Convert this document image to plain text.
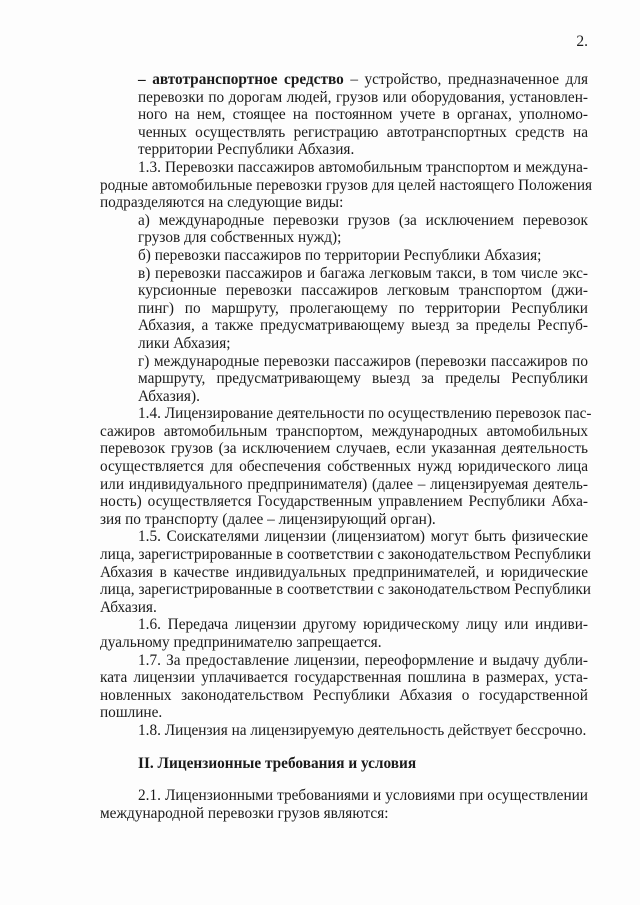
2.
– автотранспортное средство – устройство, предназначенное для
перевозки по дорогам людей, грузов или оборудования, установлен-
ного на нем, стоящее на постоянном учете в органах, уполномо-
ченных осуществлять регистрацию автотранспортных средств на
территории Республики Абхазия.
1.3. Перевозки пассажиров автомобильным транспортом и междуна-
родные автомобильные перевозки грузов для целей настоящего Положения
подразделяются на следующие виды:
а) международные перевозки грузов (за исключением перевозок
грузов для собственных нужд);
б) перевозки пассажиров по территории Республики Абхазия;
в) перевозки пассажиров и багажа легковым такси, в том числе экс-
курсионные перевозки пассажиров легковым транспортом (джи-
пинг) по маршруту, пролегающему по территории Республики
Абхазия, а также предусматривающему выезд за пределы Респуб-
лики Абхазия;
г) международные перевозки пассажиров (перевозки пассажиров по
маршруту, предусматривающему выезд за пределы Республики
Абхазия).
1.4. Лицензирование деятельности по осуществлению перевозок пас-
сажиров автомобильным транспортом, международных автомобильных
перевозок грузов (за исключением случаев, если указанная деятельность
осуществляется для обеспечения собственных нужд юридического лица
или индивидуального предпринимателя) (далее – лицензируемая деятель-
ность) осуществляется Государственным управлением Республики Абха-
зия по транспорту (далее – лицензирующий орган).
1.5. Соискателями лицензии (лицензиатом) могут быть физические
лица, зарегистрированные в соответствии с законодательством Республики
Абхазия в качестве индивидуальных предпринимателей, и юридические
лица, зарегистрированные в соответствии с законодательством Республики
Абхазия.
1.6. Передача лицензии другому юридическому лицу или индиви-
дуальному предпринимателю запрещается.
1.7. За предоставление лицензии, переоформление и выдачу дубли-
ката лицензии уплачивается государственная пошлина в размерах, уста-
новленных законодательством Республики Абхазия о государственной
пошлине.
1.8. Лицензия на лицензируемую деятельность действует бессрочно.
II. Лицензионные требования и условия
2.1. Лицензионными требованиями и условиями при осуществлении
международной перевозки грузов являются:
